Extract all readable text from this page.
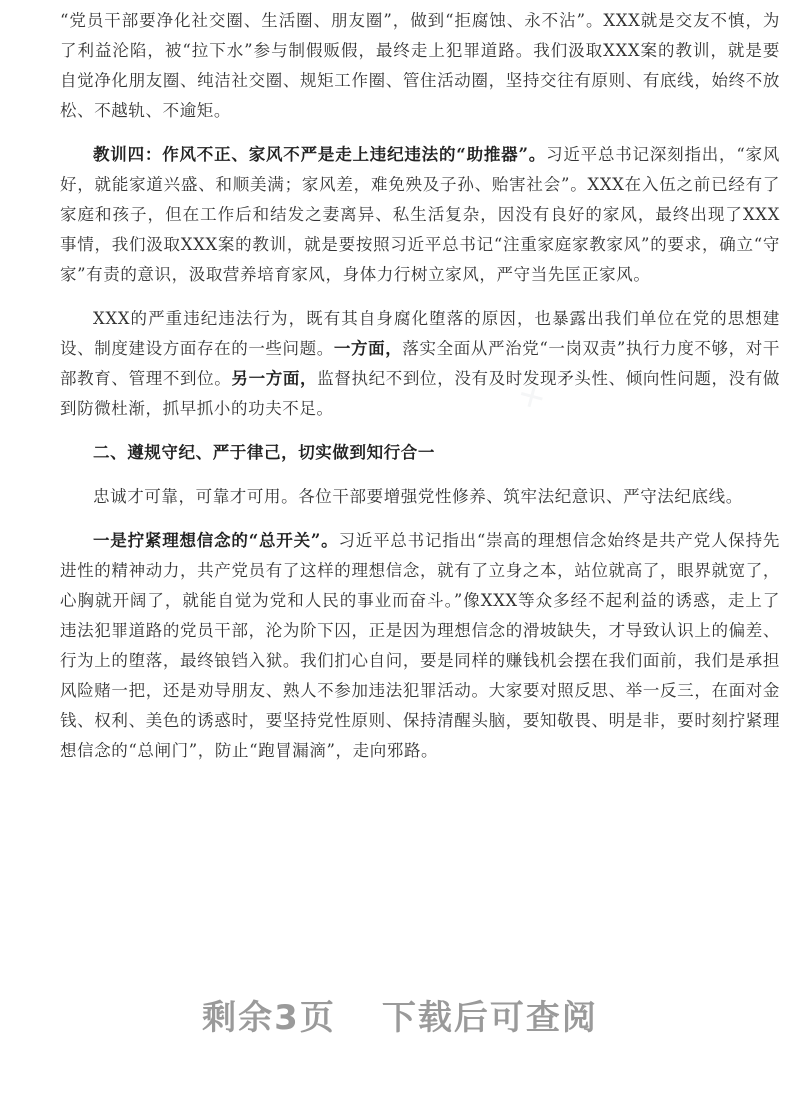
✕

“党员干部要净化社交圈、生活圈、朋友圈”，做到“拒腐蚀、永不沾”。XXX就是交友不慎，为了利益沦陷，被“拉下水”参与制假贩假，最终走上犯罪道路。我们汲取XXX案的教训，就是要自觉净化朋友圈、纯洁社交圈、规矩工作圈、管住活动圈，坚持交往有原则、有底线，始终不放松、不越轨、不逾矩。

教训四：作风不正、家风不严是走上违纪违法的“助推器”。习近平总书记深刻指出，“家风好，就能家道兴盛、和顺美满；家风差，难免殃及子孙、贻害社会”。XXX在入伍之前已经有了家庭和孩子，但在工作后和结发之妻离异、私生活复杂，因没有良好的家风，最终出现了XXX事情，我们汲取XXX案的教训，就是要按照习近平总书记“注重家庭家教家风”的要求，确立“守家”有责的意识，汲取营养培育家风，身体力行树立家风，严守当先匡正家风。

XXX的严重违纪违法行为，既有其自身腐化堕落的原因，也暴露出我们单位在党的思想建设、制度建设方面存在的一些问题。一方面，落实全面从严治党“一岗双责”执行力度不够，对干部教育、管理不到位。另一方面，监督执纪不到位，没有及时发现矛头性、倾向性问题，没有做到防微杜渐，抓早抓小的功夫不足。

二、遵规守纪、严于律己，切实做到知行合一

忠诚才可靠，可靠才可用。各位干部要增强党性修养、筑牢法纪意识、严守法纪底线。

一是拧紧理想信念的“总开关”。习近平总书记指出“崇高的理想信念始终是共产党人保持先进性的精神动力，共产党员有了这样的理想信念，就有了立身之本，站位就高了，眼界就宽了，心胸就开阔了，就能自觉为党和人民的事业而奋斗。”像XXX等众多经不起利益的诱惑，走上了违法犯罪道路的党员干部，沦为阶下囚，正是因为理想信念的滑坡缺失，才导致认识上的偏差、行为上的堕落，最终锒铛入狱。我们扪心自问，要是同样的赚钱机会摆在我们面前，我们是承担风险赌一把，还是劝导朋友、熟人不参加违法犯罪活动。大家要对照反思、举一反三，在面对金钱、权利、美色的诱惑时，要坚持党性原则、保持清醒头脑，要知敬畏、明是非，要时刻拧紧理想信念的“总闸门”，防止“跑冒漏滴”，走向邪路。

剩余3页 下载后可查阅
